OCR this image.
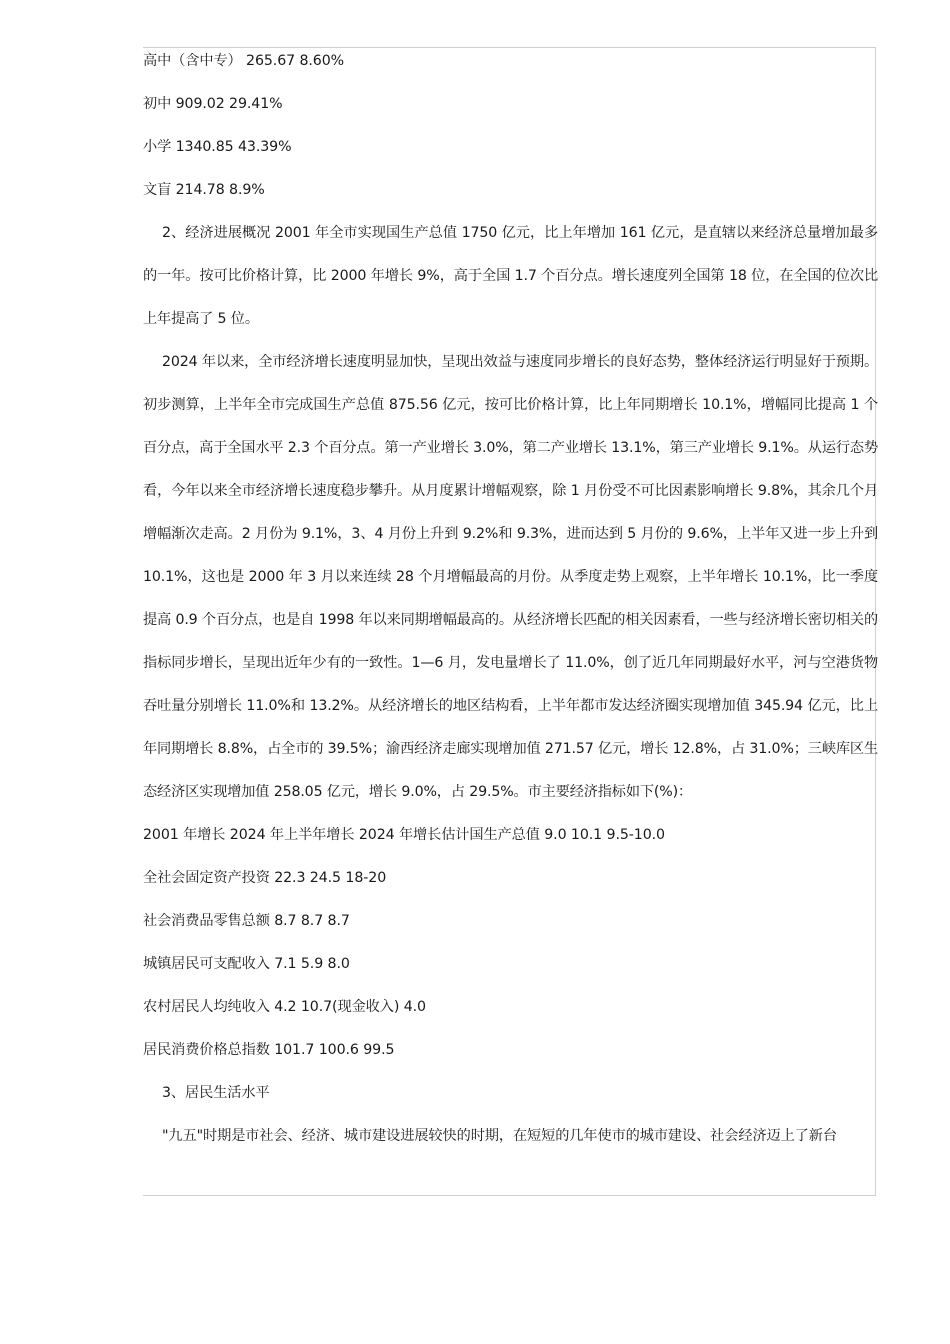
高中（含中专） 265.67 8.60%
初中 909.02 29.41%
小学 1340.85 43.39%
文盲 214.78 8.9%

2、经济进展概况 2001 年全市实现国生产总值 1750 亿元，比上年增加 161 亿元，是直辖以来经济总量增加最多的一年。按可比价格计算，比 2000 年增长 9%，高于全国 1.7 个百分点。增长速度列全国第 18 位，在全国的位次比上年提高了 5 位。

2024 年以来，全市经济增长速度明显加快，呈现出效益与速度同步增长的良好态势，整体经济运行明显好于预期。初步测算，上半年全市完成国生产总值 875.56 亿元，按可比价格计算，比上年同期增长 10.1%，增幅同比提高 1 个百分点，高于全国水平 2.3 个百分点。第一产业增长 3.0%，第二产业增长 13.1%，第三产业增长 9.1%。从运行态势看，今年以来全市经济增长速度稳步攀升。从月度累计增幅观察，除 1 月份受不可比因素影响增长 9.8%，其余几个月增幅渐次走高。2 月份为 9.1%，3、4 月份上升到 9.2%和 9.3%，进而达到 5 月份的 9.6%，上半年又进一步上升到 10.1%，这也是 2000 年 3 月以来连续 28 个月增幅最高的月份。从季度走势上观察，上半年增长 10.1%，比一季度提高 0.9 个百分点，也是自 1998 年以来同期增幅最高的。从经济增长匹配的相关因素看，一些与经济增长密切相关的指标同步增长，呈现出近年少有的一致性。1—6 月，发电量增长了 11.0%，创了近几年同期最好水平，河与空港货物吞吐量分别增长 11.0%和 13.2%。从经济增长的地区结构看，上半年都市发达经济圈实现增加值 345.94 亿元，比上年同期增长 8.8%，占全市的 39.5%；渝西经济走廊实现增加值 271.57 亿元，增长 12.8%，占 31.0%；三峡库区生态经济区实现增加值 258.05 亿元，增长 9.0%，占 29.5%。市主要经济指标如下(%)：

2001 年增长 2024 年上半年增长 2024 年增长估计国生产总值 9.0 10.1 9.5-10.0
全社会固定资产投资 22.3 24.5 18-20
社会消费品零售总额 8.7 8.7 8.7
城镇居民可支配收入 7.1 5.9 8.0
农村居民人均纯收入 4.2 10.7(现金收入) 4.0
居民消费价格总指数 101.7 100.6 99.5
3、居民生活水平
"九五"时期是市社会、经济、城市建设进展较快的时期，在短短的几年使市的城市建设、社会经济迈上了新台
